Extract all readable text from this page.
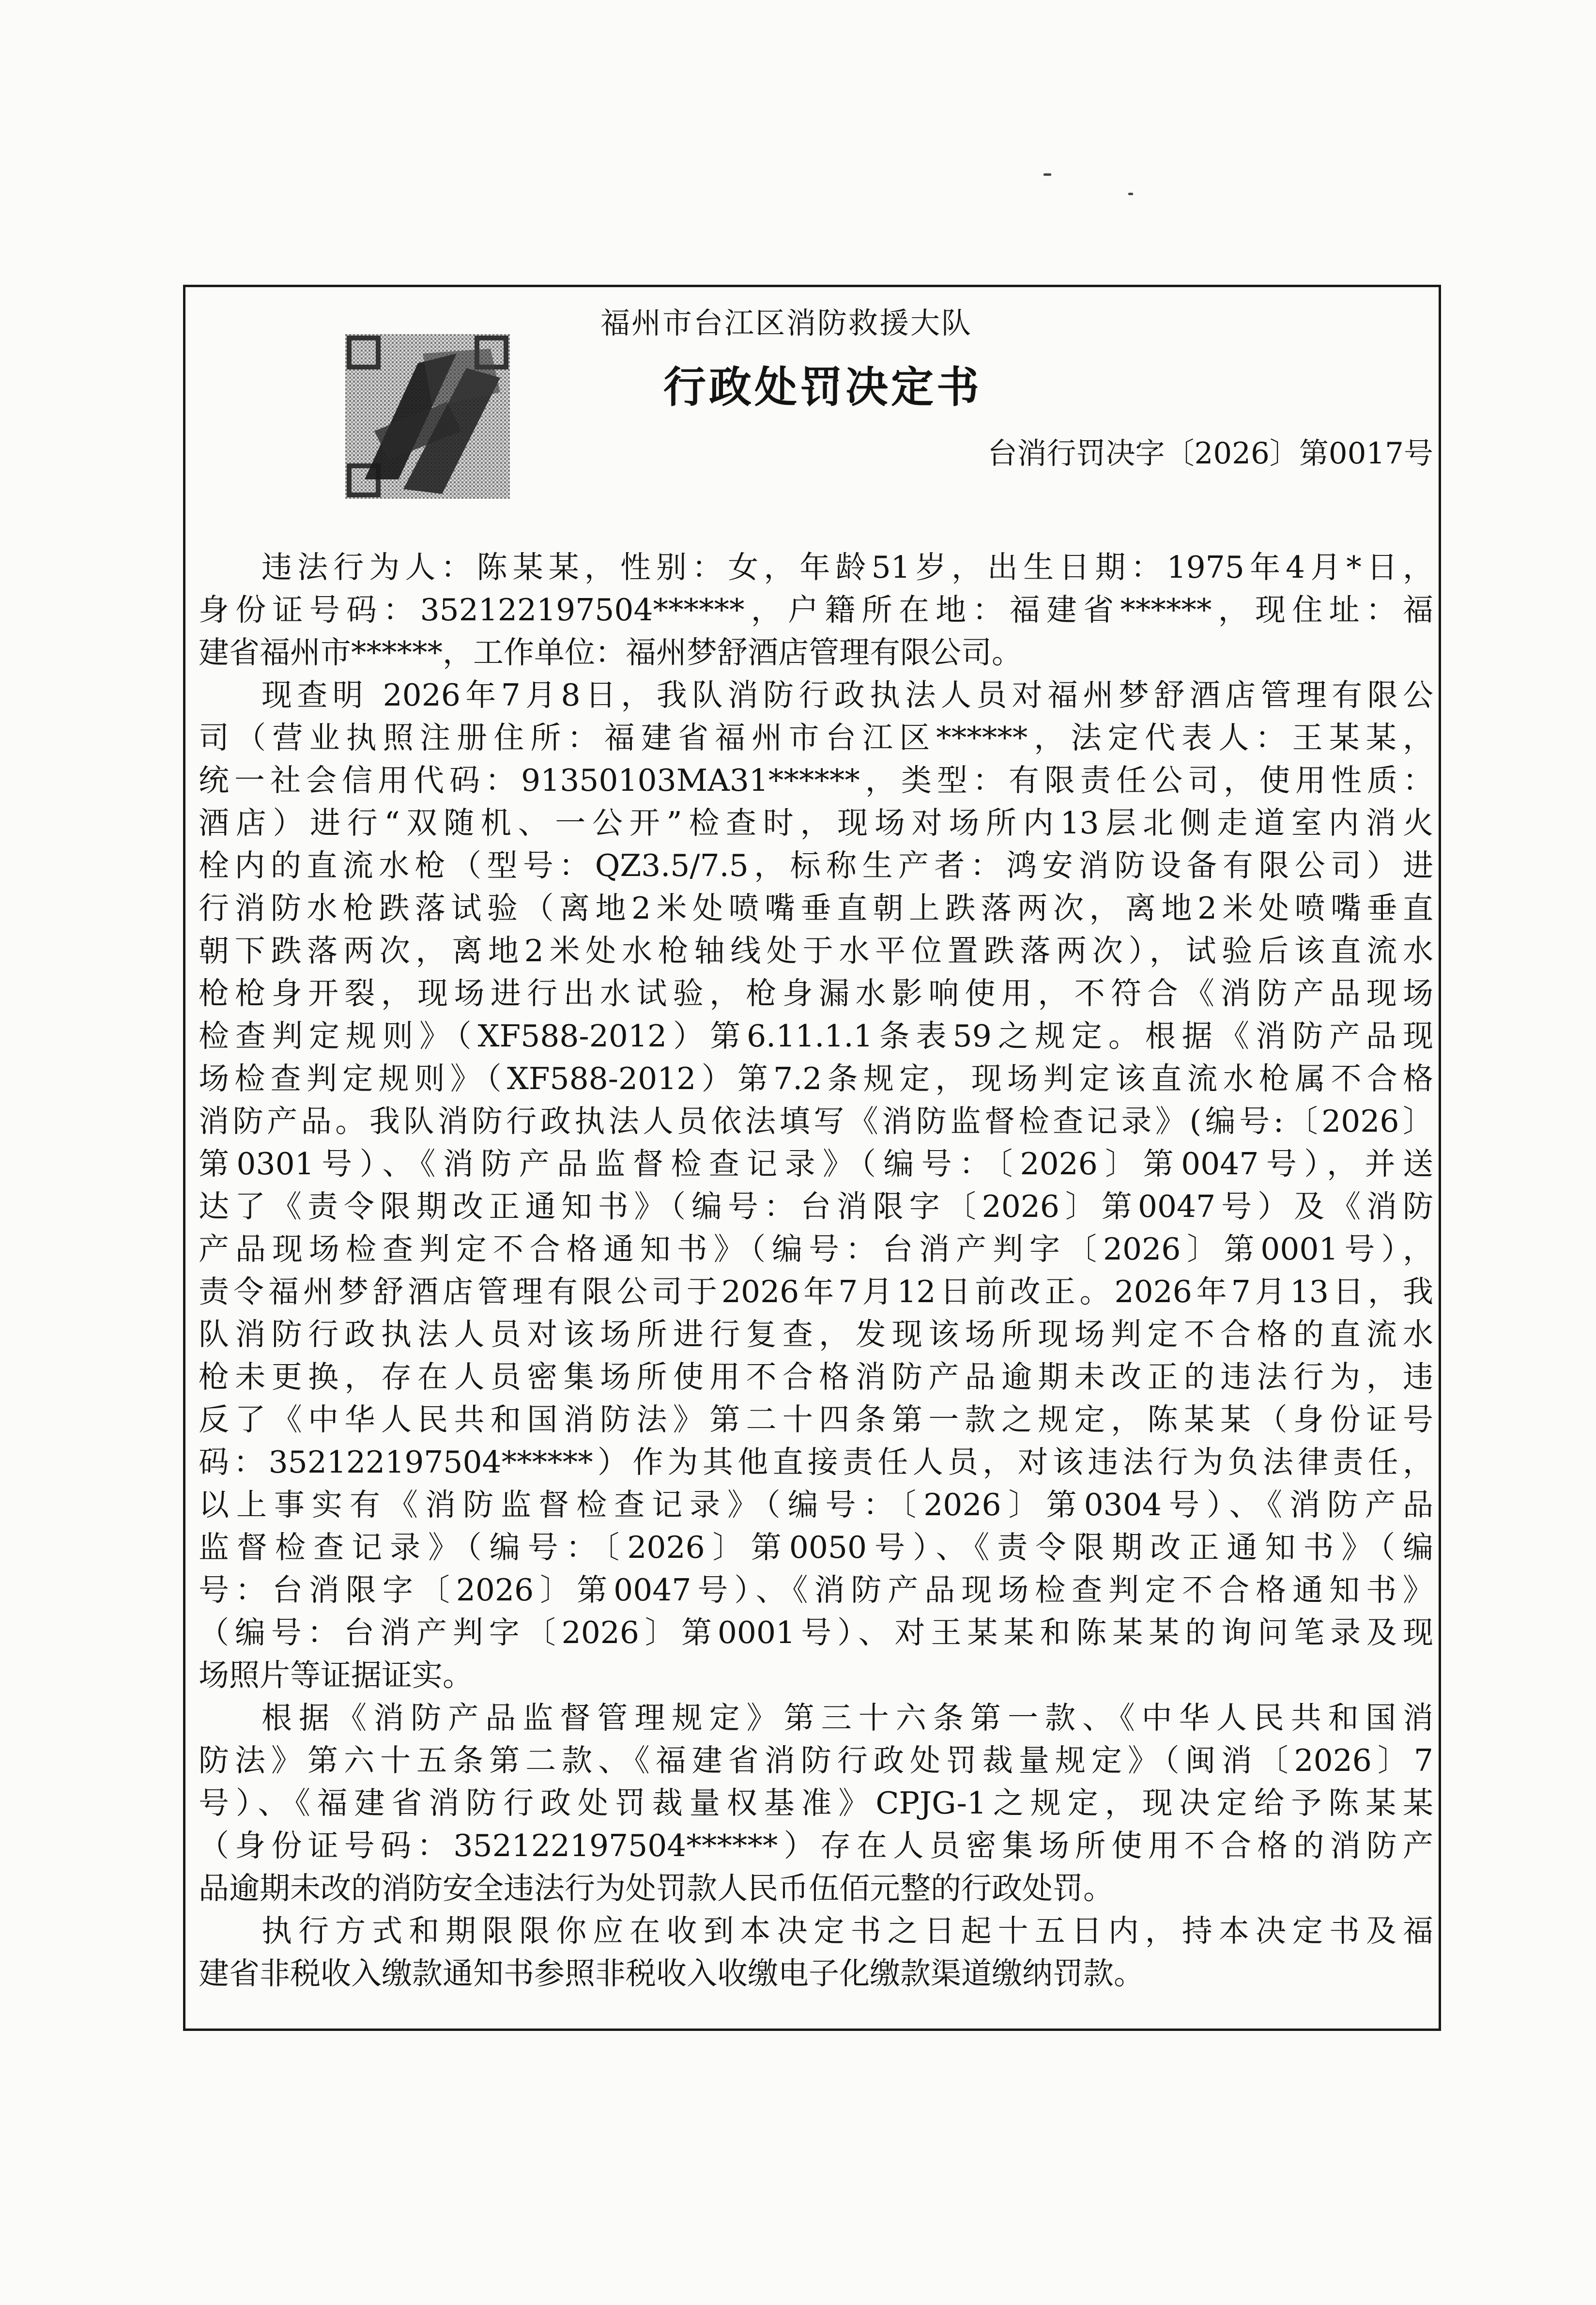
福州市台江区消防救援大队
行政处罚决定书
台消行罚决字〔2026〕第0017号
违法行为人：陈某某，性别：女，年龄51岁，出生日期：1975年4月*日，
身份证号码：352122197504******，户籍所在地：福建省******，现住址：福
建省福州市******，工作单位：福州梦舒酒店管理有限公司。
现查明 2026年7月8日，我队消防行政执法人员对福州梦舒酒店管理有限公
司（营业执照注册住所：福建省福州市台江区******，法定代表人：王某某，
统一社会信用代码：91350103MA31******，类型：有限责任公司，使用性质：
酒店）进行“双随机、一公开”检查时，现场对场所内13层北侧走道室内消火
栓内的直流水枪（型号：QZ3.5/7.5，标称生产者：鸿安消防设备有限公司）进
行消防水枪跌落试验（离地2米处喷嘴垂直朝上跌落两次，离地2米处喷嘴垂直
朝下跌落两次，离地2米处水枪轴线处于水平位置跌落两次），试验后该直流水
枪枪身开裂，现场进行出水试验，枪身漏水影响使用，不符合《消防产品现场
检查判定规则》（XF588-2012）第6.11.1.1条表59之规定。根据《消防产品现
场检查判定规则》（XF588-2012）第7.2条规定，现场判定该直流水枪属不合格
消防产品。我队消防行政执法人员依法填写《消防监督检查记录》(编号:〔2026〕
第0301号）、《消防产品监督检查记录》（编号：〔2026〕第0047号），并送
达了《责令限期改正通知书》（编号：台消限字〔2026〕第0047号）及《消防
产品现场检查判定不合格通知书》（编号：台消产判字〔2026〕第0001号），
责令福州梦舒酒店管理有限公司于2026年7月12日前改正。2026年7月13日，我
队消防行政执法人员对该场所进行复查，发现该场所现场判定不合格的直流水
枪未更换，存在人员密集场所使用不合格消防产品逾期未改正的违法行为，违
反了《中华人民共和国消防法》第二十四条第一款之规定，陈某某（身份证号
码：352122197504******）作为其他直接责任人员，对该违法行为负法律责任，
以上事实有《消防监督检查记录》（编号：〔2026〕第0304号）、《消防产品
监督检查记录》（编号：〔2026〕第0050号）、《责令限期改正通知书》（编
号：台消限字〔2026〕第0047号）、《消防产品现场检查判定不合格通知书》
（编号：台消产判字〔2026〕第0001号）、对王某某和陈某某的询问笔录及现
场照片等证据证实。
根据《消防产品监督管理规定》第三十六条第一款、《中华人民共和国消
防法》第六十五条第二款、《福建省消防行政处罚裁量规定》（闽消〔2026〕7
号）、《福建省消防行政处罚裁量权基准》CPJG-1之规定，现决定给予陈某某
（身份证号码：352122197504******）存在人员密集场所使用不合格的消防产
品逾期未改的消防安全违法行为处罚款人民币伍佰元整的行政处罚。
执行方式和期限限你应在收到本决定书之日起十五日内，持本决定书及福
建省非税收入缴款通知书参照非税收入收缴电子化缴款渠道缴纳罚款。
